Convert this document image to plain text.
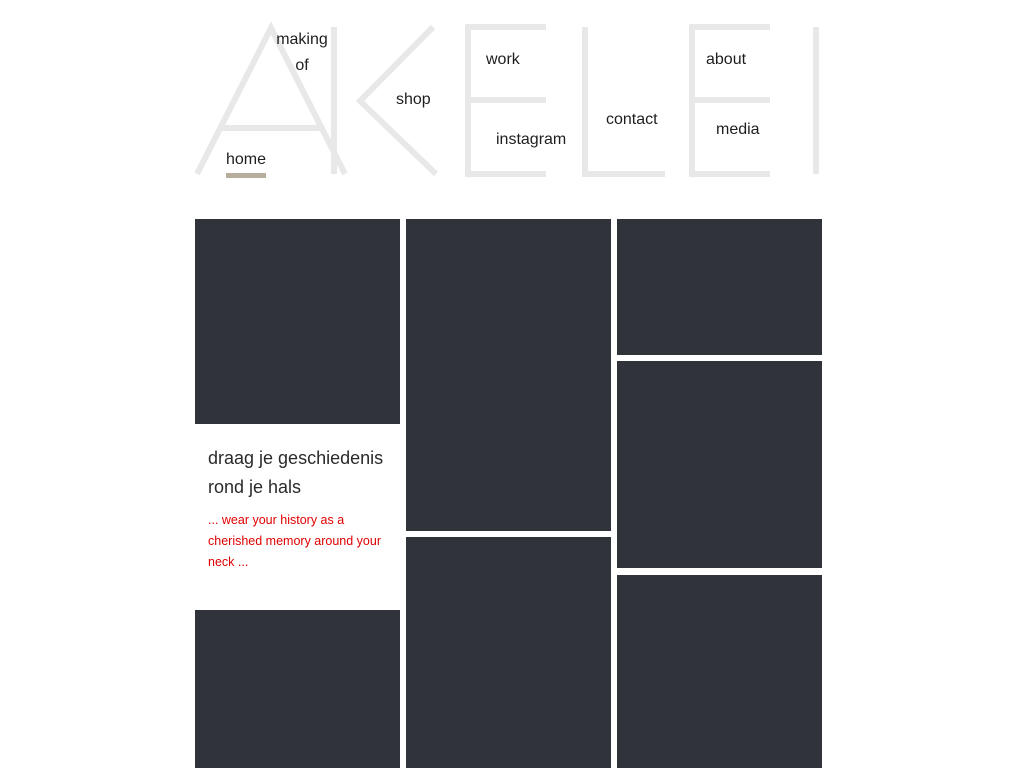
home
making
of
shop
work
instagram
contact
about
media
draag je geschiedenis rond je hals

... wear your history as a cherished memory around your neck ...
